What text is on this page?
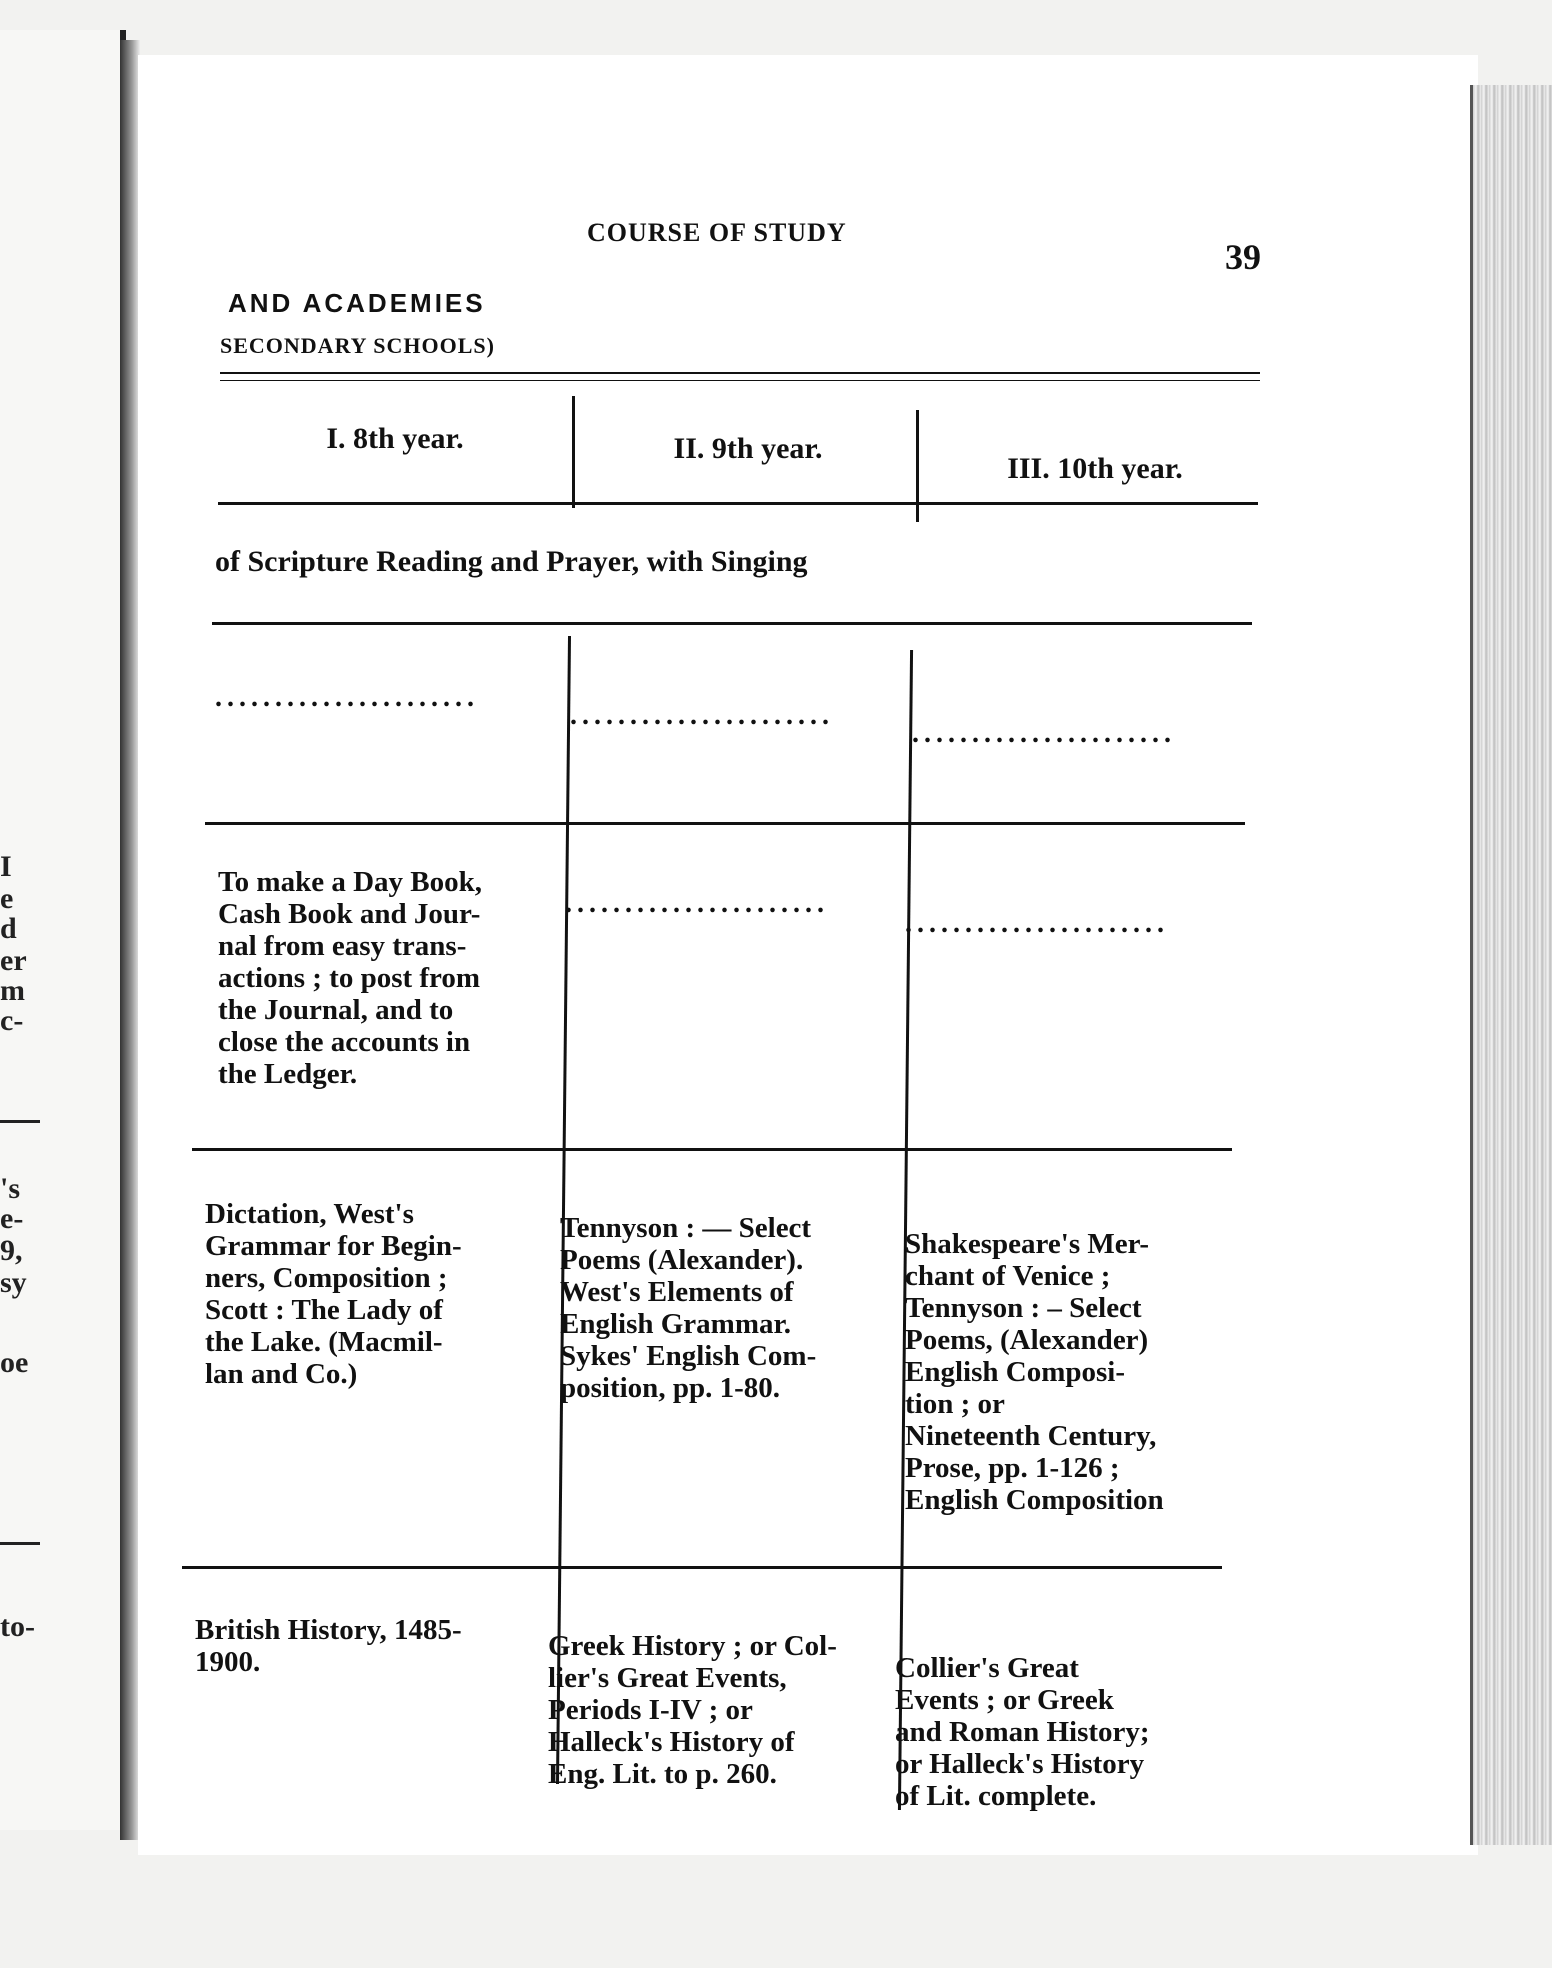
I
e
d
er
m
c-
's
e-
9,
sy
oe
to-
COURSE OF STUDY
39
AND ACADEMIES
SECONDARY SCHOOLS)
I. 8th year.	II. 9th year.
III. 10th year.
of Scripture Reading and Prayer, with Singing
......................
......................
......................
To make a Day Book,
Cash Book and Jour-
nal from easy trans-
actions ; to post from
the Journal, and to
close the accounts in
the Ledger.
......................
......................
Dictation, West's
Grammar for Begin-
ners, Composition ;
Scott : The Lady of
the Lake. (Macmil-
lan and Co.)
Tennyson : — Select
Poems (Alexander).
West's Elements of
English Grammar.
Sykes' English Com-
position, pp. 1-80.
Shakespeare's Mer-
chant of Venice ;
Tennyson : – Select
Poems, (Alexander)
English Composi-
tion ; or
Nineteenth Century,
Prose, pp. 1-126 ;
English Composition
British History, 1485-
1900.	Greek History ; or Col-
lier's Great Events,
Periods I-IV ; or
Halleck's History of
Eng. Lit. to p. 260.
Collier's Great
Events ; or Greek
and Roman History;
or Halleck's History
of Lit. complete.
